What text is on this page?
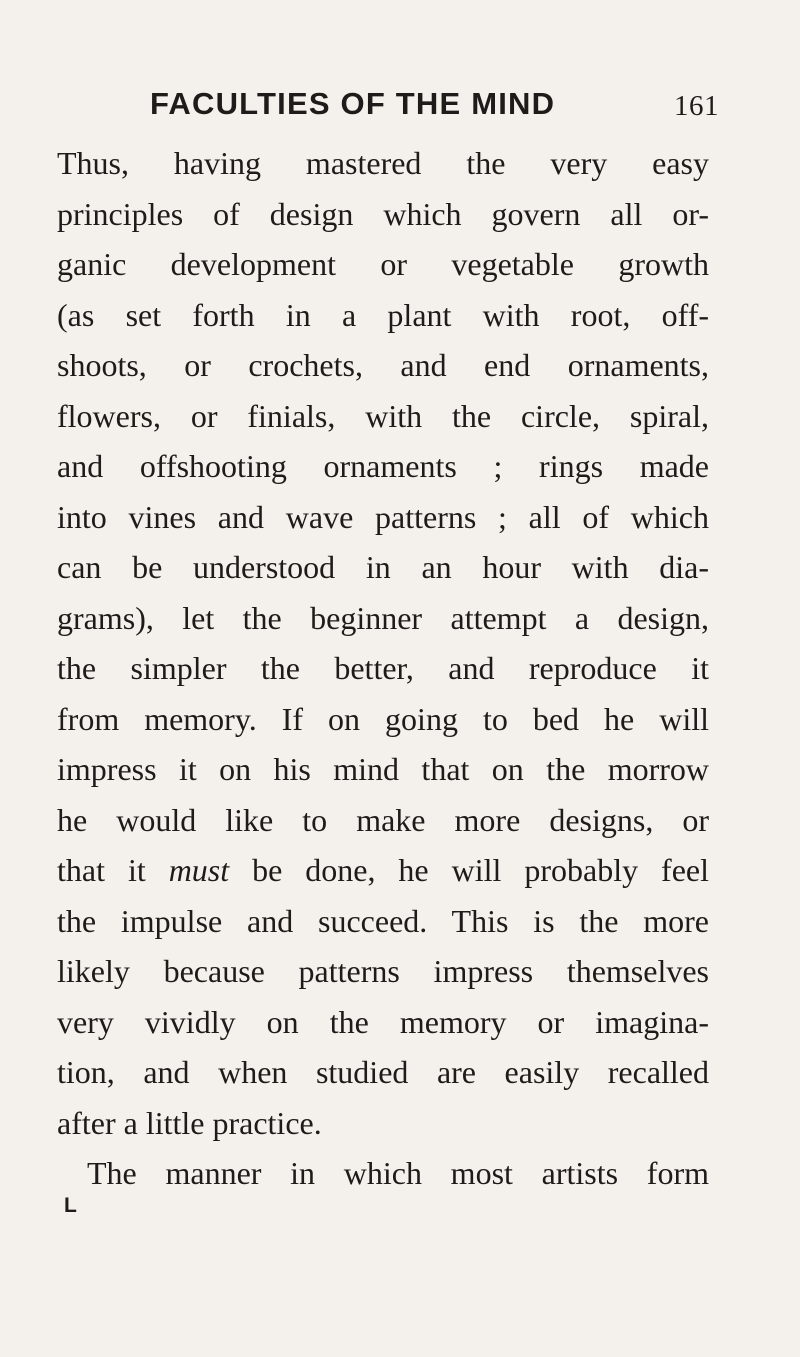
FACULTIES OF THE MIND	161
Thus, having mastered the very easy
principles of design which govern all or-
ganic development or vegetable growth
(as set forth in a plant with root, off-
shoots, or crochets, and end ornaments,
flowers, or finials, with the circle, spiral,
and offshooting ornaments ; rings made
into vines and wave patterns ; all of which
can be understood in an hour with dia-
grams), let the beginner attempt a design,
the simpler the better, and reproduce it
from memory. If on going to bed he will
impress it on his mind that on the morrow
he would like to make more designs, or
that it must be done, he will probably feel
the impulse and succeed. This is the more
likely because patterns impress themselves
very vividly on the memory or imagina-
tion, and when studied are easily recalled
after a little practice.
The manner in which most artists form
L
